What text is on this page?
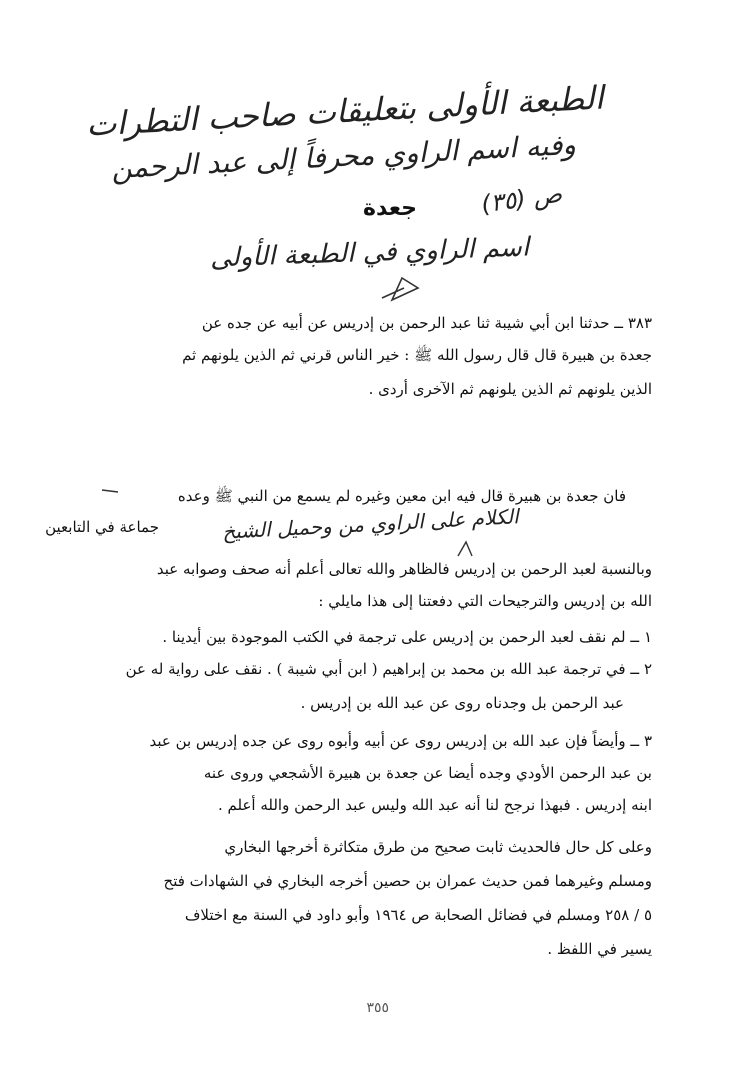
الطبعة الأولى بتعليقات صاحب التطرات
وفيه اسم الراوي محرفاً إلى عبد الرحمن
ص (٣٥)
جعدة
اسم الراوي في الطبعة الأولى
٣٨٣ ــ حدثنا ابن أبي شيبة ثنا عبد الرحمن بن إدريس عن أبيه عن جده عن
جعدة بن هبيرة قال قال رسول الله ﷺ : خير الناس قرني ثم الذين يلونهم ثم
الذين يلونهم ثم الذين يلونهم ثم الآخرى أردى .
فان جعدة بن هبيرة قال فيه ابن معين وغيره لم يسمع من النبي ﷺ وعده
جماعة في التابعين	الكلام على الراوي من وحميل الشيخ
وبالنسبة لعبد الرحمن بن إدريس فالظاهر والله تعالى أعلم أنه صحف وصوابه عبد
الله بن إدريس والترجيحات التي دفعتنا إلى هذا مايلي :
١ ــ لم نقف لعبد الرحمن بن إدريس على ترجمة في الكتب الموجودة بين أيدينا .
٢ ــ في ترجمة عبد الله بن محمد بن إبراهيم ( ابن أبي شيبة ) . نقف على رواية له عن
عبد الرحمن بل وجدناه روى عن عبد الله بن إدريس .
٣ ــ وأيضاً فإن عبد الله بن إدريس روى عن أبيه وأبوه روى عن جده إدريس بن عبد
بن عبد الرحمن الأودي وجده أيضا عن جعدة بن هبيرة الأشجعي وروى عنه
ابنه إدريس . فبهذا نرجح لنا أنه عبد الله وليس عبد الرحمن والله أعلم .
وعلى كل حال فالحديث ثابت صحيح من طرق متكاثرة أخرجها البخاري
ومسلم وغيرهما فمن حديث عمران بن حصين أخرجه البخاري في الشهادات فتح
٥ / ٢٥٨ ومسلم في فضائل الصحابة ص ١٩٦٤ وأبو داود في السنة مع اختلاف
يسير في اللفظ .
٣٥٥
